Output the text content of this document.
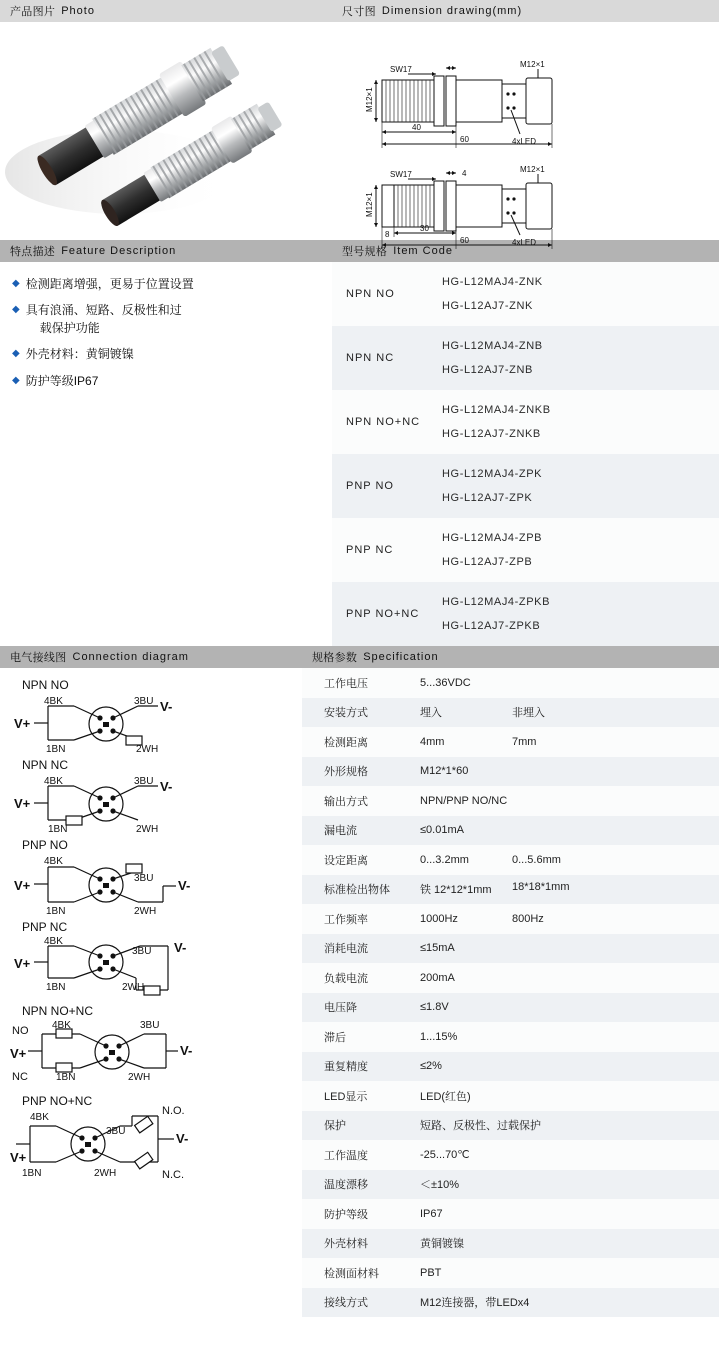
产品图片 Photo	尺寸图 Dimension drawing(mm)
M12×1
SW17
M12×1
4xLED
40
60
M12×1
SW17	4	M12×1
4xLED
8
30
60
特点描述 Feature Description	型号规格 Item Code
◆ 检测距离增强，更易于位置设置
◆ 具有浪涌、短路、反极性和过
载保护功能
◆ 外壳材料：黄铜镀镍
◆ 防护等级IP67
NPN NO
HG-L12MAJ4-ZNK
HG-L12AJ7-ZNK
NPN NC
HG-L12MAJ4-ZNB
HG-L12AJ7-ZNB
NPN NO+NC
HG-L12MAJ4-ZNKB
HG-L12AJ7-ZNKB
PNP NO
HG-L12MAJ4-ZPK
HG-L12AJ7-ZPK
PNP NC
HG-L12MAJ4-ZPB
HG-L12AJ7-ZPB
PNP NO+NC
HG-L12MAJ4-ZPKB
HG-L12AJ7-ZPKB
电气接线图 Connection diagram	规格参数 Specification
NPN NO
4BK	3BU
1BN	2WH
V+
V-
NPN NC
4BK	3BU
1BN	2WH
V+
V-
PNP NO
4BK
3BU
1BN	2WH
V+	V-
PNP NC
4BK
3BU
1BN	2WH
V+
V-
NPN NO+NC
4BK	3BU
1BN	2WH
NO
NC
V+	V-
PNP NO+NC
4BK
3BU
1BN	2WH
N.O.
N.C.
V+
V-
工作电压	5...36VDC
安装方式	埋入	非埋入
检测距离	4mm	7mm
外形规格	M12*1*60
输出方式	NPN/PNP NO/NC
漏电流	≤0.01mA
设定距离	0...3.2mm	0...5.6mm
标准检出物体	铁 12*12*1mm	18*18*1mm
工作频率	1000Hz	800Hz
消耗电流	≤15mA
负载电流	200mA
电压降	≤1.8V
滞后	1...15%
重复精度	≤2%
LED显示	LED(红色)
保护	短路、反极性、过载保护
工作温度	-25...70℃
温度漂移	＜±10%
防护等级	IP67
外壳材料	黄铜镀镍
检测面材料	PBT
接线方式	M12连接器，带LEDx4
